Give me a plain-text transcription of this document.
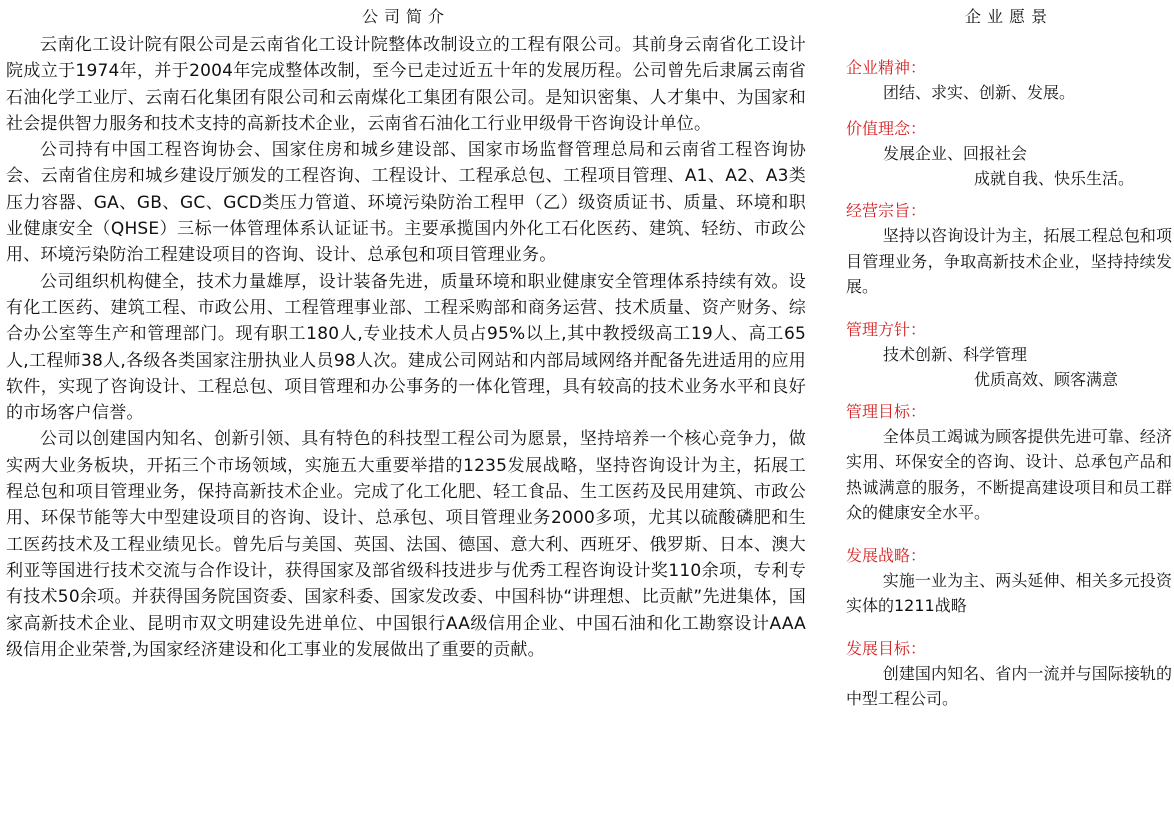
公司简介

云南化工设计院有限公司是云南省化工设计院整体改制设立的工程有限公司。其前身云南省化工设计院成立于1974年，并于2004年完成整体改制，至今已走过近五十年的发展历程。公司曾先后隶属云南省石油化学工业厅、云南石化集团有限公司和云南煤化工集团有限公司。是知识密集、人才集中、为国家和社会提供智力服务和技术支持的高新技术企业，云南省石油化工行业甲级骨干咨询设计单位。

公司持有中国工程咨询协会、国家住房和城乡建设部、国家市场监督管理总局和云南省工程咨询协会、云南省住房和城乡建设厅颁发的工程咨询、工程设计、工程承总包、工程项目管理、A1、A2、A3类压力容器、GA、GB、GC、GCD类压力管道、环境污染防治工程甲（乙）级资质证书、质量、环境和职业健康安全（QHSE）三标一体管理体系认证证书。主要承揽国内外化工石化医药、建筑、轻纺、市政公用、环境污染防治工程建设项目的咨询、设计、总承包和项目管理业务。

公司组织机构健全，技术力量雄厚，设计装备先进，质量环境和职业健康安全管理体系持续有效。设有化工医药、建筑工程、市政公用、工程管理事业部、工程采购部和商务运营、技术质量、资产财务、综合办公室等生产和管理部门。现有职工180人,专业技术人员占95%以上,其中教授级高工19人、高工65人,工程师38人,各级各类国家注册执业人员98人次。建成公司网站和内部局域网络并配备先进适用的应用软件，实现了咨询设计、工程总包、项目管理和办公事务的一体化管理，具有较高的技术业务水平和良好的市场客户信誉。

公司以创建国内知名、创新引领、具有特色的科技型工程公司为愿景，坚持培养一个核心竞争力，做实两大业务板块，开拓三个市场领域，实施五大重要举措的1235发展战略，坚持咨询设计为主，拓展工程总包和项目管理业务，保持高新技术企业。完成了化工化肥、轻工食品、生工医药及民用建筑、市政公用、环保节能等大中型建设项目的咨询、设计、总承包、项目管理业务2000多项，尤其以硫酸磷肥和生工医药技术及工程业绩见长。曾先后与美国、英国、法国、德国、意大利、西班牙、俄罗斯、日本、澳大利亚等国进行技术交流与合作设计，获得国家及部省级科技进步与优秀工程咨询设计奖110余项，专利专有技术50余项。并获得国务院国资委、国家科委、国家发改委、中国科协“讲理想、比贡献”先进集体，国家高新技术企业、昆明市双文明建设先进单位、中国银行AA级信用企业、中国石油和化工勘察设计AAA级信用企业荣誉,为国家经济建设和化工事业的发展做出了重要的贡献。

企业愿景
企业精神：
团结、求实、创新、发展。
价值理念：
发展企业、回报社会
成就自我、快乐生活。
经营宗旨：
坚持以咨询设计为主，拓展工程总包和项目管理业务，争取高新技术企业，坚持持续发展。
管理方针：
技术创新、科学管理
优质高效、顾客满意
管理目标：
全体员工竭诚为顾客提供先进可靠、经济实用、环保安全的咨询、设计、总承包产品和热诚满意的服务，不断提高建设项目和员工群众的健康安全水平。
发展战略：
实施一业为主、两头延伸、相关多元投资实体的1211战略
发展目标：
创建国内知名、省内一流并与国际接轨的中型工程公司。
